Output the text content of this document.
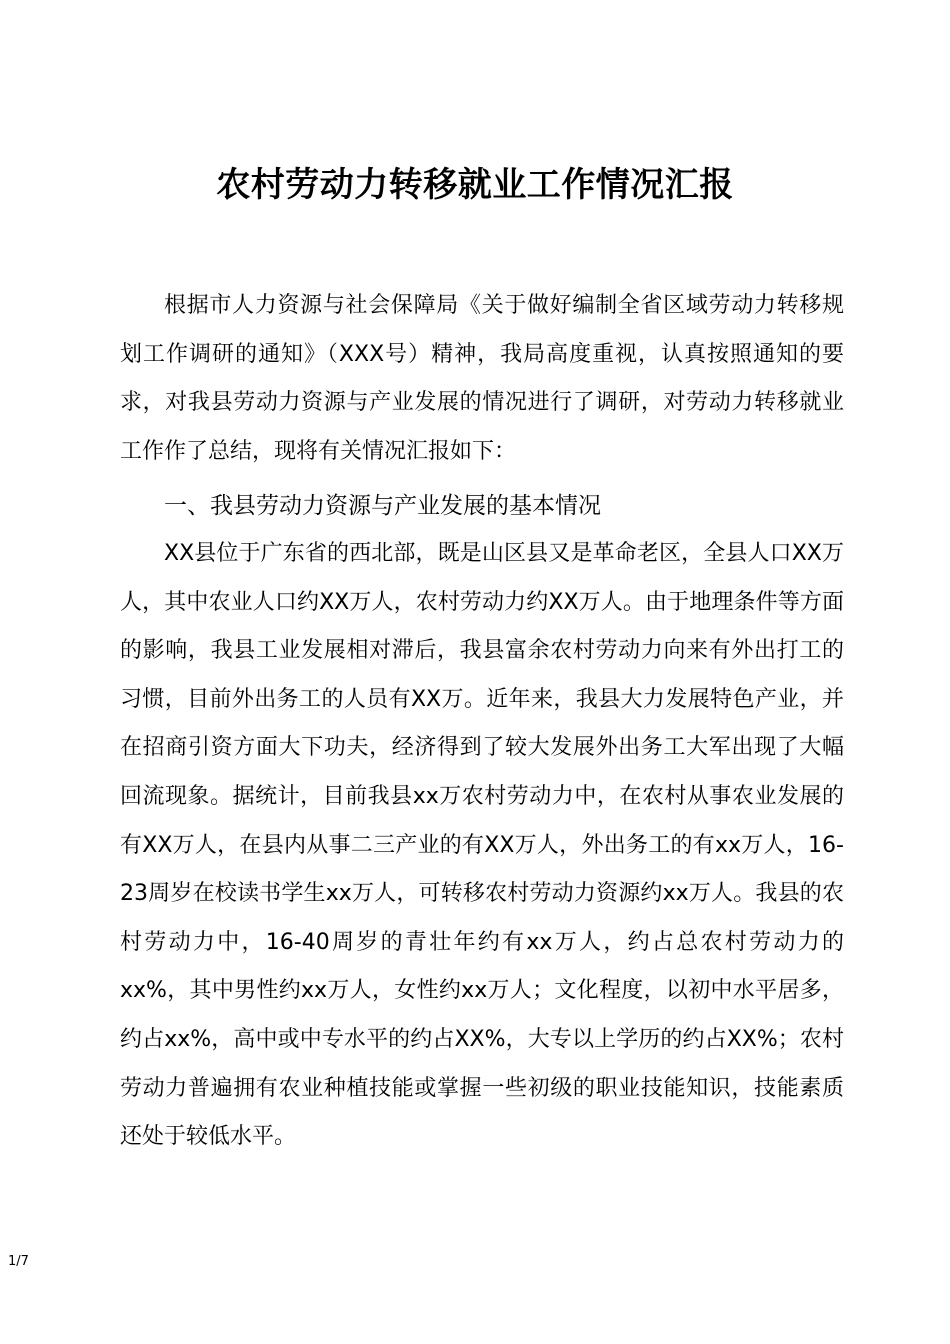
农村劳动力转移就业工作情况汇报

根据市人力资源与社会保障局《关于做好编制全省区域劳动力转移规划工作调研的通知》（XXX号）精神，我局高度重视，认真按照通知的要求，对我县劳动力资源与产业发展的情况进行了调研，对劳动力转移就业工作作了总结，现将有关情况汇报如下：

一、我县劳动力资源与产业发展的基本情况

XX县位于广东省的西北部，既是山区县又是革命老区，全县人口XX万人，其中农业人口约XX万人，农村劳动力约XX万人。由于地理条件等方面的影响，我县工业发展相对滞后，我县富余农村劳动力向来有外出打工的习惯，目前外出务工的人员有XX万。近年来，我县大力发展特色产业，并在招商引资方面大下功夫，经济得到了较大发展外出务工大军出现了大幅回流现象。据统计，目前我县xx万农村劳动力中，在农村从事农业发展的有XX万人，在县内从事二三产业的有XX万人，外出务工的有xx万人，16-23周岁在校读书学生xx万人，可转移农村劳动力资源约xx万人。我县的农村劳动力中，16-40周岁的青壮年约有xx万人，约占总农村劳动力的xx%，其中男性约xx万人，女性约xx万人；文化程度，以初中水平居多，约占xx%，高中或中专水平的约占XX%，大专以上学历的约占XX%；农村劳动力普遍拥有农业种植技能或掌握一些初级的职业技能知识，技能素质还处于较低水平。

1/7
